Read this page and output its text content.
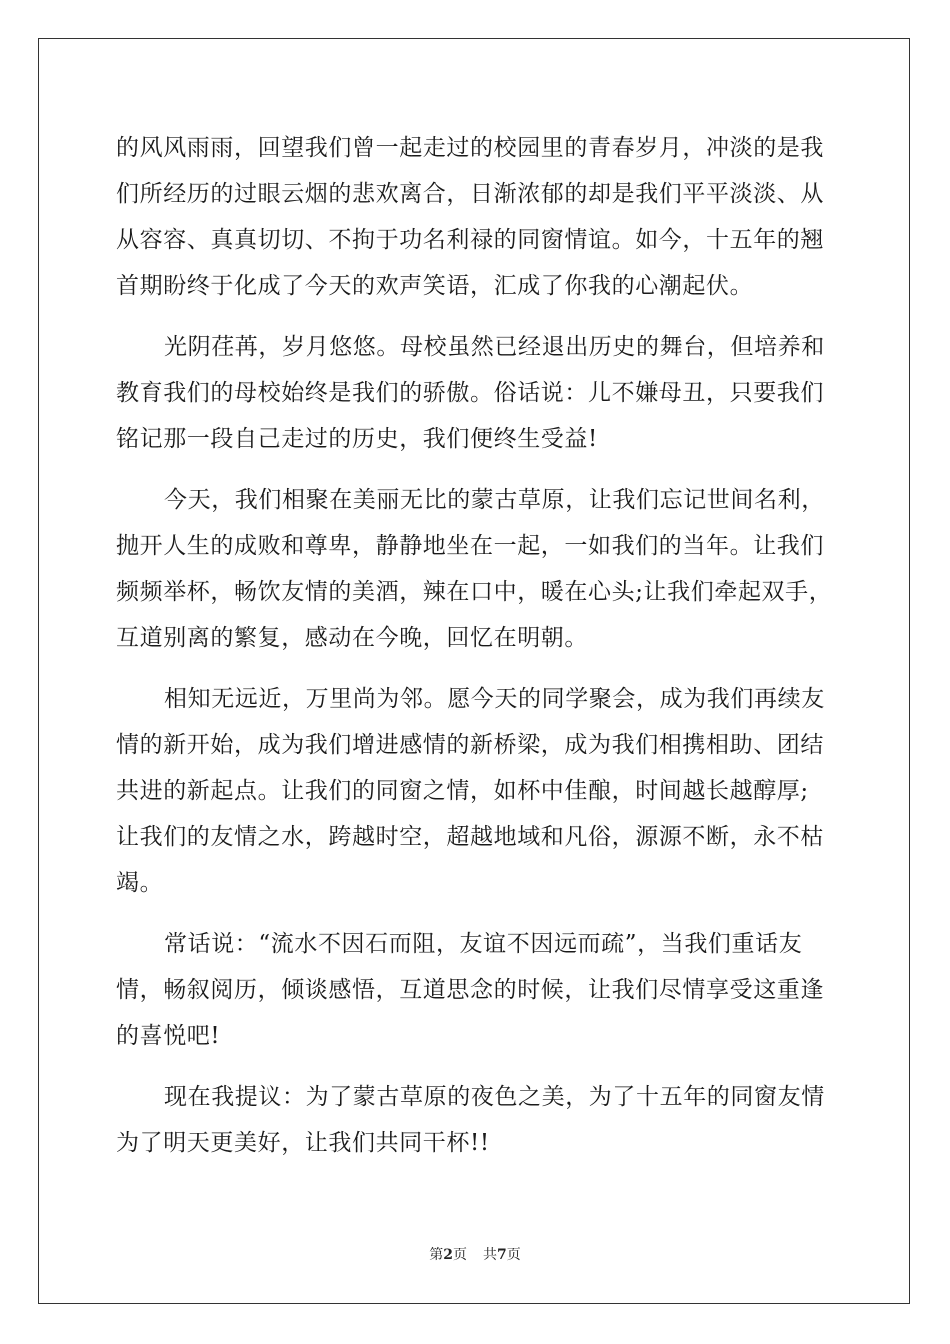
的风风雨雨，回望我们曾一起走过的校园里的青春岁月，冲淡的是我
们所经历的过眼云烟的悲欢离合，日渐浓郁的却是我们平平淡淡、从
从容容、真真切切、不拘于功名利禄的同窗情谊。如今，十五年的翘
首期盼终于化成了今天的欢声笑语，汇成了你我的心潮起伏。
光阴荏苒，岁月悠悠。母校虽然已经退出历史的舞台，但培养和
教育我们的母校始终是我们的骄傲。俗话说：儿不嫌母丑，只要我们
铭记那一段自己走过的历史，我们便终生受益!
今天，我们相聚在美丽无比的蒙古草原，让我们忘记世间名利，
抛开人生的成败和尊卑，静静地坐在一起，一如我们的当年。让我们
频频举杯，畅饮友情的美酒，辣在口中，暖在心头;让我们牵起双手，
互道别离的繁复，感动在今晚，回忆在明朝。
相知无远近，万里尚为邻。愿今天的同学聚会，成为我们再续友
情的新开始，成为我们增进感情的新桥梁，成为我们相携相助、团结
共进的新起点。让我们的同窗之情，如杯中佳酿，时间越长越醇厚;
让我们的友情之水，跨越时空，超越地域和凡俗，源源不断，永不枯
竭。
常话说：“流水不因石而阻，友谊不因远而疏”，当我们重话友
情，畅叙阅历，倾谈感悟，互道思念的时候，让我们尽情享受这重逢
的喜悦吧!
现在我提议：为了蒙古草原的夜色之美，为了十五年的同窗友情
为了明天更美好，让我们共同干杯!!
第2页 共7页
